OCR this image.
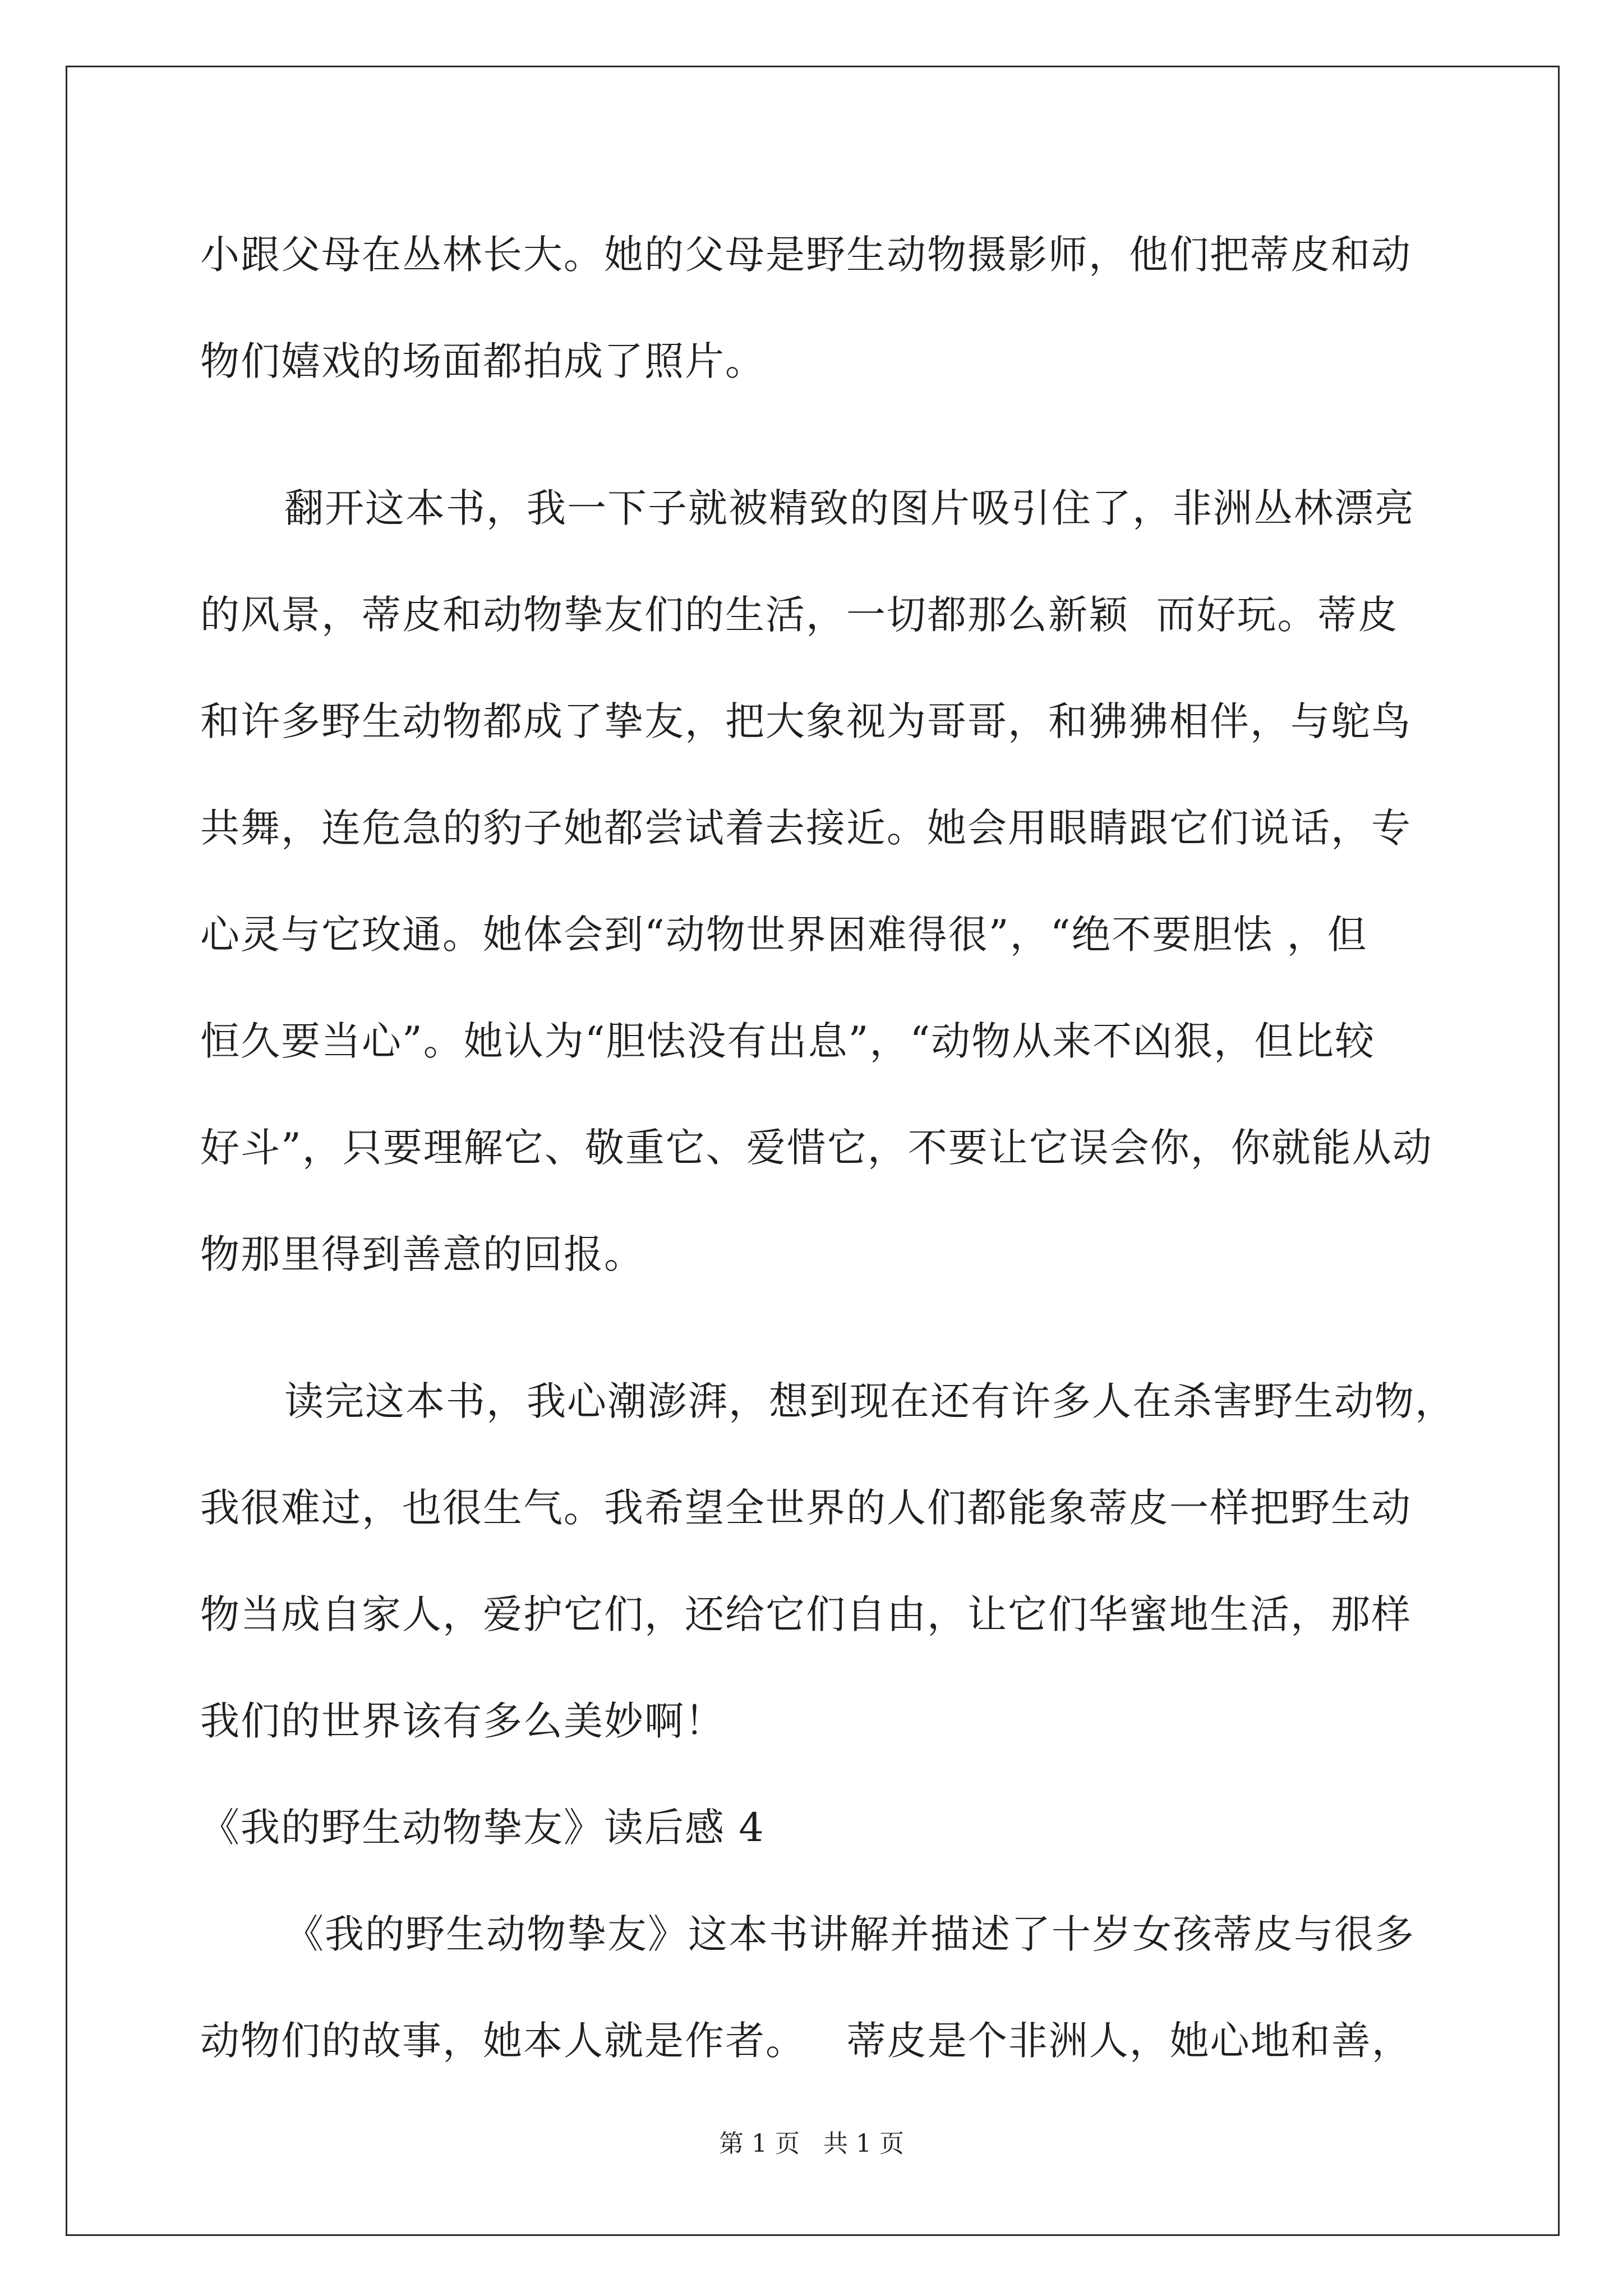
小跟父母在丛林长大。她的父母是野生动物摄影师，他们把蒂皮和动

物们嬉戏的场面都拍成了照片。

翻开这本书，我一下子就被精致的图片吸引住了，非洲丛林漂亮

的风景，蒂皮和动物挚友们的生活，一切都那么新颖  而好玩。蒂皮

和许多野生动物都成了挚友，把大象视为哥哥，和狒狒相伴，与鸵鸟

共舞，连危急的豹子她都尝试着去接近。她会用眼睛跟它们说话，专

心灵与它玫通。她体会到“动物世界困难得很”，“绝不要胆怯 ，但

恒久要当心”。她认为“胆怯没有出息”，“动物从来不凶狠，但比较

好斗”，只要理解它、敬重它、爱惜它，不要让它误会你，你就能从动

物那里得到善意的回报。

读完这本书，我心潮澎湃，想到现在还有许多人在杀害野生动物，

我很难过，也很生气。我希望全世界的人们都能象蒂皮一样把野生动

物当成自家人，爱护它们，还给它们自由，让它们华蜜地生活，那样

我们的世界该有多么美妙啊！

《我的野生动物挚友》读后感 4

《我的野生动物挚友》这本书讲解并描述了十岁女孩蒂皮与很多

动物们的故事，她本人就是作者。   蒂皮是个非洲人，她心地和善，

第 1 页   共 1 页
